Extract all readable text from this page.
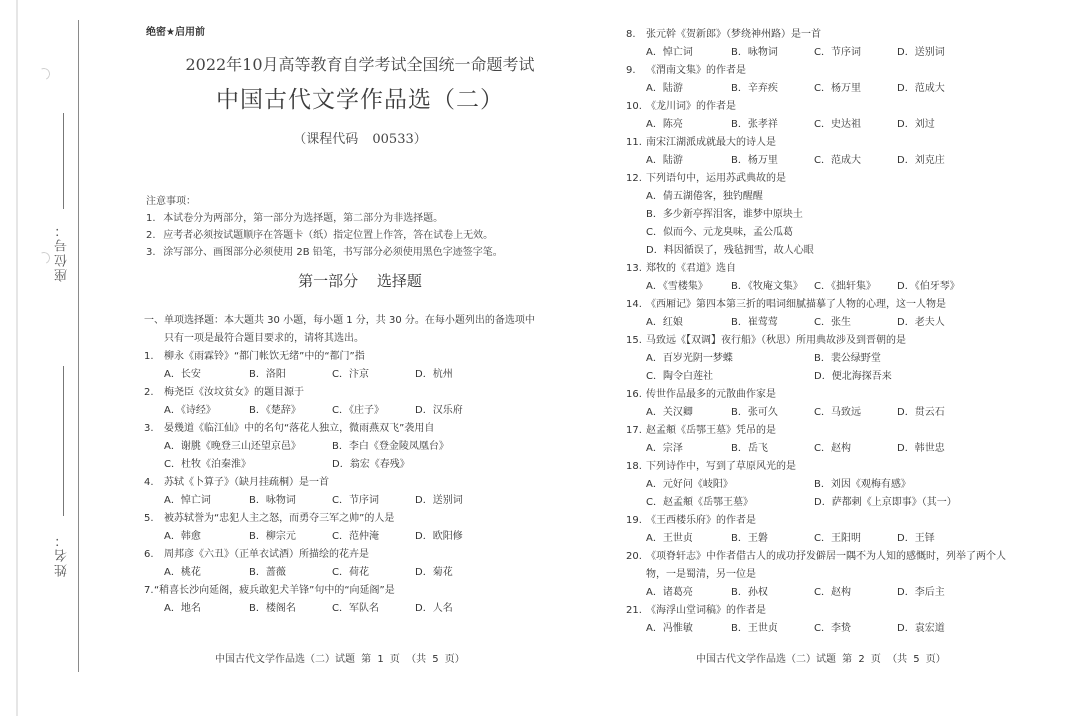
座位号：
姓名：
绝密★启用前
2022年10月高等教育自学考试全国统一命题考试
中国古代文学作品选（二）
（课程代码 00533）
注意事项：
1. 本试卷分为两部分，第一部分为选择题，第二部分为非选择题。
2. 应考者必须按试题顺序在答题卡（纸）指定位置上作答，答在试卷上无效。
3. 涂写部分、画图部分必须使用 2B 铅笔，书写部分必须使用黑色字迹签字笔。
第一部分 选择题
一、单项选择题：本大题共 30 小题，每小题 1 分，共 30 分。在每小题列出的备选项中
只有一项是最符合题目要求的，请将其选出。
1. 柳永《雨霖铃》“都门帐饮无绪”中的“都门”指
A．长安	B．洛阳	C．汴京	D．杭州
2. 梅尧臣《汝坟贫女》的题目源于
A．《诗经》	B．《楚辞》	C．《庄子》	D．汉乐府
3. 晏幾道《临江仙》中的名句“落花人独立，微雨燕双飞”袭用自
A．谢朓《晚登三山还望京邑》	B．李白《登金陵凤凰台》
C．杜牧《泊秦淮》	D．翁宏《春残》
4. 苏轼《卜算子》（缺月挂疏桐）是一首
A．悼亡词	B．咏物词	C．节序词	D．送别词
5. 被苏轼誉为“忠犯人主之怒，而勇夺三军之帅”的人是
A．韩愈	B．柳宗元	C．范仲淹	D．欧阳修
6. 周邦彦《六丑》（正单衣试酒）所描绘的花卉是
A．桃花	B．蔷薇	C．荷花	D．菊花
7. “稍喜长沙向延阁，疲兵敢犯犬羊锋”句中的“向延阁”是
A．地名	B．楼阁名	C．军队名	D．人名
中国古代文学作品选（二）试题 第 1 页 （共 5 页）
8. 张元幹《贺新郎》（梦绕神州路）是一首
A．悼亡词	B．咏物词	C．节序词	D．送别词
9. 《渭南文集》的作者是
A．陆游	B．辛弃疾	C．杨万里	D．范成大
10. 《龙川词》的作者是
A．陈亮	B．张孝祥	C．史达祖	D．刘过
11. 南宋江湖派成就最大的诗人是
A．陆游	B．杨万里	C．范成大	D．刘克庄
12. 下列语句中，运用苏武典故的是
A．倩五湖倦客，独钓醒醒
B．多少新亭挥泪客，谁梦中原块土
C．似而今、元龙臭味，孟公瓜葛
D．料因循误了，残毡拥雪，故人心眼
13. 郑牧的《君道》选自
A．《雪楼集》 B．《牧庵文集》 C．《拙轩集》 D．《伯牙琴》
14. 《西厢记》第四本第三折的唱词细腻描摹了人物的心理，这一人物是
A．红娘	B．崔莺莺	C．张生	D．老夫人
15. 马致远《【双调】夜行船》（秋思）所用典故涉及到晋朝的是
A．百岁光阴一梦蝶	B．裴公绿野堂
C．陶令白莲社	D．便北海探吾来
16. 传世作品最多的元散曲作家是
A．关汉卿	B．张可久	C．马致远	D．贯云石
17. 赵孟頫《岳鄂王墓》凭吊的是
A．宗泽	B．岳飞	C．赵构	D．韩世忠
18. 下列诗作中，写到了草原风光的是
A．元好问《岐阳》	B．刘因《观梅有感》
C．赵孟頫《岳鄂王墓》	D．萨都剌《上京即事》（其一）
19. 《王西楼乐府》的作者是
A．王世贞	B．王磐	C．王阳明	D．王铎
20. 《项脊轩志》中作者借古人的成功抒发僻居一隅不为人知的感慨时，列举了两个人
物，一是蜀清，另一位是
A．诸葛亮	B．孙权	C．赵构	D．李后主
21. 《海浮山堂词稿》的作者是
A．冯惟敏	B．王世贞	C．李贽	D．袁宏道
中国古代文学作品选（二）试题 第 2 页 （共 5 页）
